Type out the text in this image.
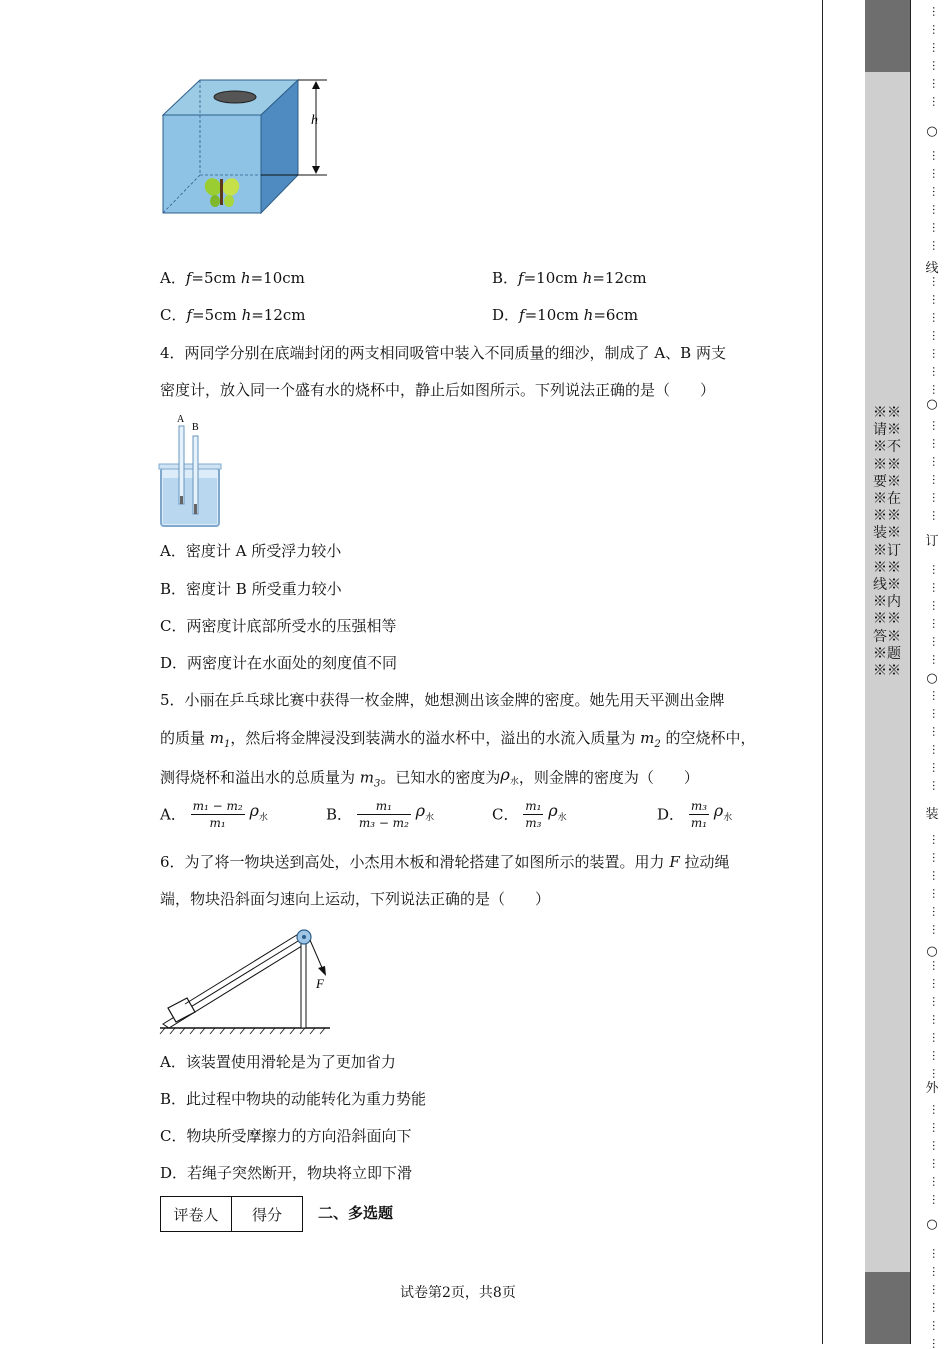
h
A．f=5cm h=10cm	B．f=10cm h=12cm
C．f=5cm h=12cm	D．f=10cm h=6cm
4．两同学分别在底端封闭的两支相同吸管中装入不同质量的细沙，制成了 A、B 两支
密度计，放入同一个盛有水的烧杯中，静止后如图所示。下列说法正确的是（　　）
A
B
A．密度计 A 所受浮力较小
B．密度计 B 所受重力较小
C．两密度计底部所受水的压强相等
D．两密度计在水面处的刻度值不同
5．小丽在乒乓球比赛中获得一枚金牌，她想测出该金牌的密度。她先用天平测出金牌
的质量 $m_1$，然后将金牌浸没到装满水的溢水杯中，溢出的水流入质量为 $m_2$ 的空烧杯中，
测得烧杯和溢出水的总质量为 $m_3$。已知水的密度为$\rho_水$，则金牌的密度为（　　）
A． $\frac{\text{m₁ − m₂}}{\text{m₁}} \rho_水$	B． $\frac{\text{m₁}}{\text{m₃ − m₂}} \rho_水$	C． $\frac{\text{m₁}}{\text{m₃}} \rho_水$	D． $\frac{\text{m₃}}{\text{m₁}} \rho_水$
6．为了将一物块送到高处，小杰用木板和滑轮搭建了如图所示的装置。用力 F 拉动绳
端，物块沿斜面匀速向上运动，下列说法正确的是（　　）
F
A．该装置使用滑轮是为了更加省力
B．此过程中物块的动能转化为重力势能
C．物块所受摩擦力的方向沿斜面向下
D．若绳子突然断开，物块将立即下滑
评卷人	得分 二、多选题
试卷第2页，共8页
※※请※※不※※要※※在※※装※※订※※线※※内※※答※※题※※
○
线
○
订
○
装
○
外
○
…
…
…
…
…
…
…
…
…
…
…
…
…
…
…
…
…
…
…
…
…
…
…
…
…
…
…
…
…
…
…
…
…
…
…
…
…
…
…
…
…
…
…
…
…
…
…
…
…
…
…
…
…
…
…
…
…
…
…
…
…
…
